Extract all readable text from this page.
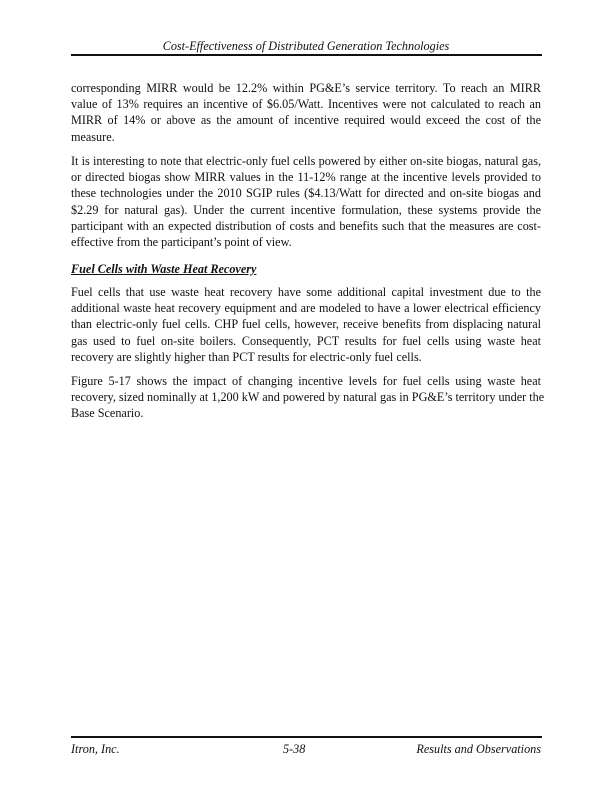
Cost-Effectiveness of Distributed Generation Technologies
corresponding MIRR would be 12.2% within PG&E’s service territory. To reach an MIRR
value of 13% requires an incentive of $6.05/Watt. Incentives were not calculated to reach an
MIRR of 14% or above as the amount of incentive required would exceed the cost of the
measure.
It is interesting to note that electric-only fuel cells powered by either on-site biogas, natural gas,
or directed biogas show MIRR values in the 11-12% range at the incentive levels provided to
these technologies under the 2010 SGIP rules ($4.13/Watt for directed and on-site biogas and
$2.29 for natural gas). Under the current incentive formulation, these systems provide the
participant with an expected distribution of costs and benefits such that the measures are cost-
effective from the participant’s point of view.
Fuel Cells with Waste Heat Recovery
Fuel cells that use waste heat recovery have some additional capital investment due to the
additional waste heat recovery equipment and are modeled to have a lower electrical efficiency
than electric-only fuel cells. CHP fuel cells, however, receive benefits from displacing natural
gas used to fuel on-site boilers. Consequently, PCT results for fuel cells using waste heat
recovery are slightly higher than PCT results for electric-only fuel cells.
Figure 5-17 shows the impact of changing incentive levels for fuel cells using waste heat
recovery, sized nominally at 1,200 kW and powered by natural gas in PG&E’s territory under the
Base Scenario.
Itron, Inc.	5-38	Results and Observations
